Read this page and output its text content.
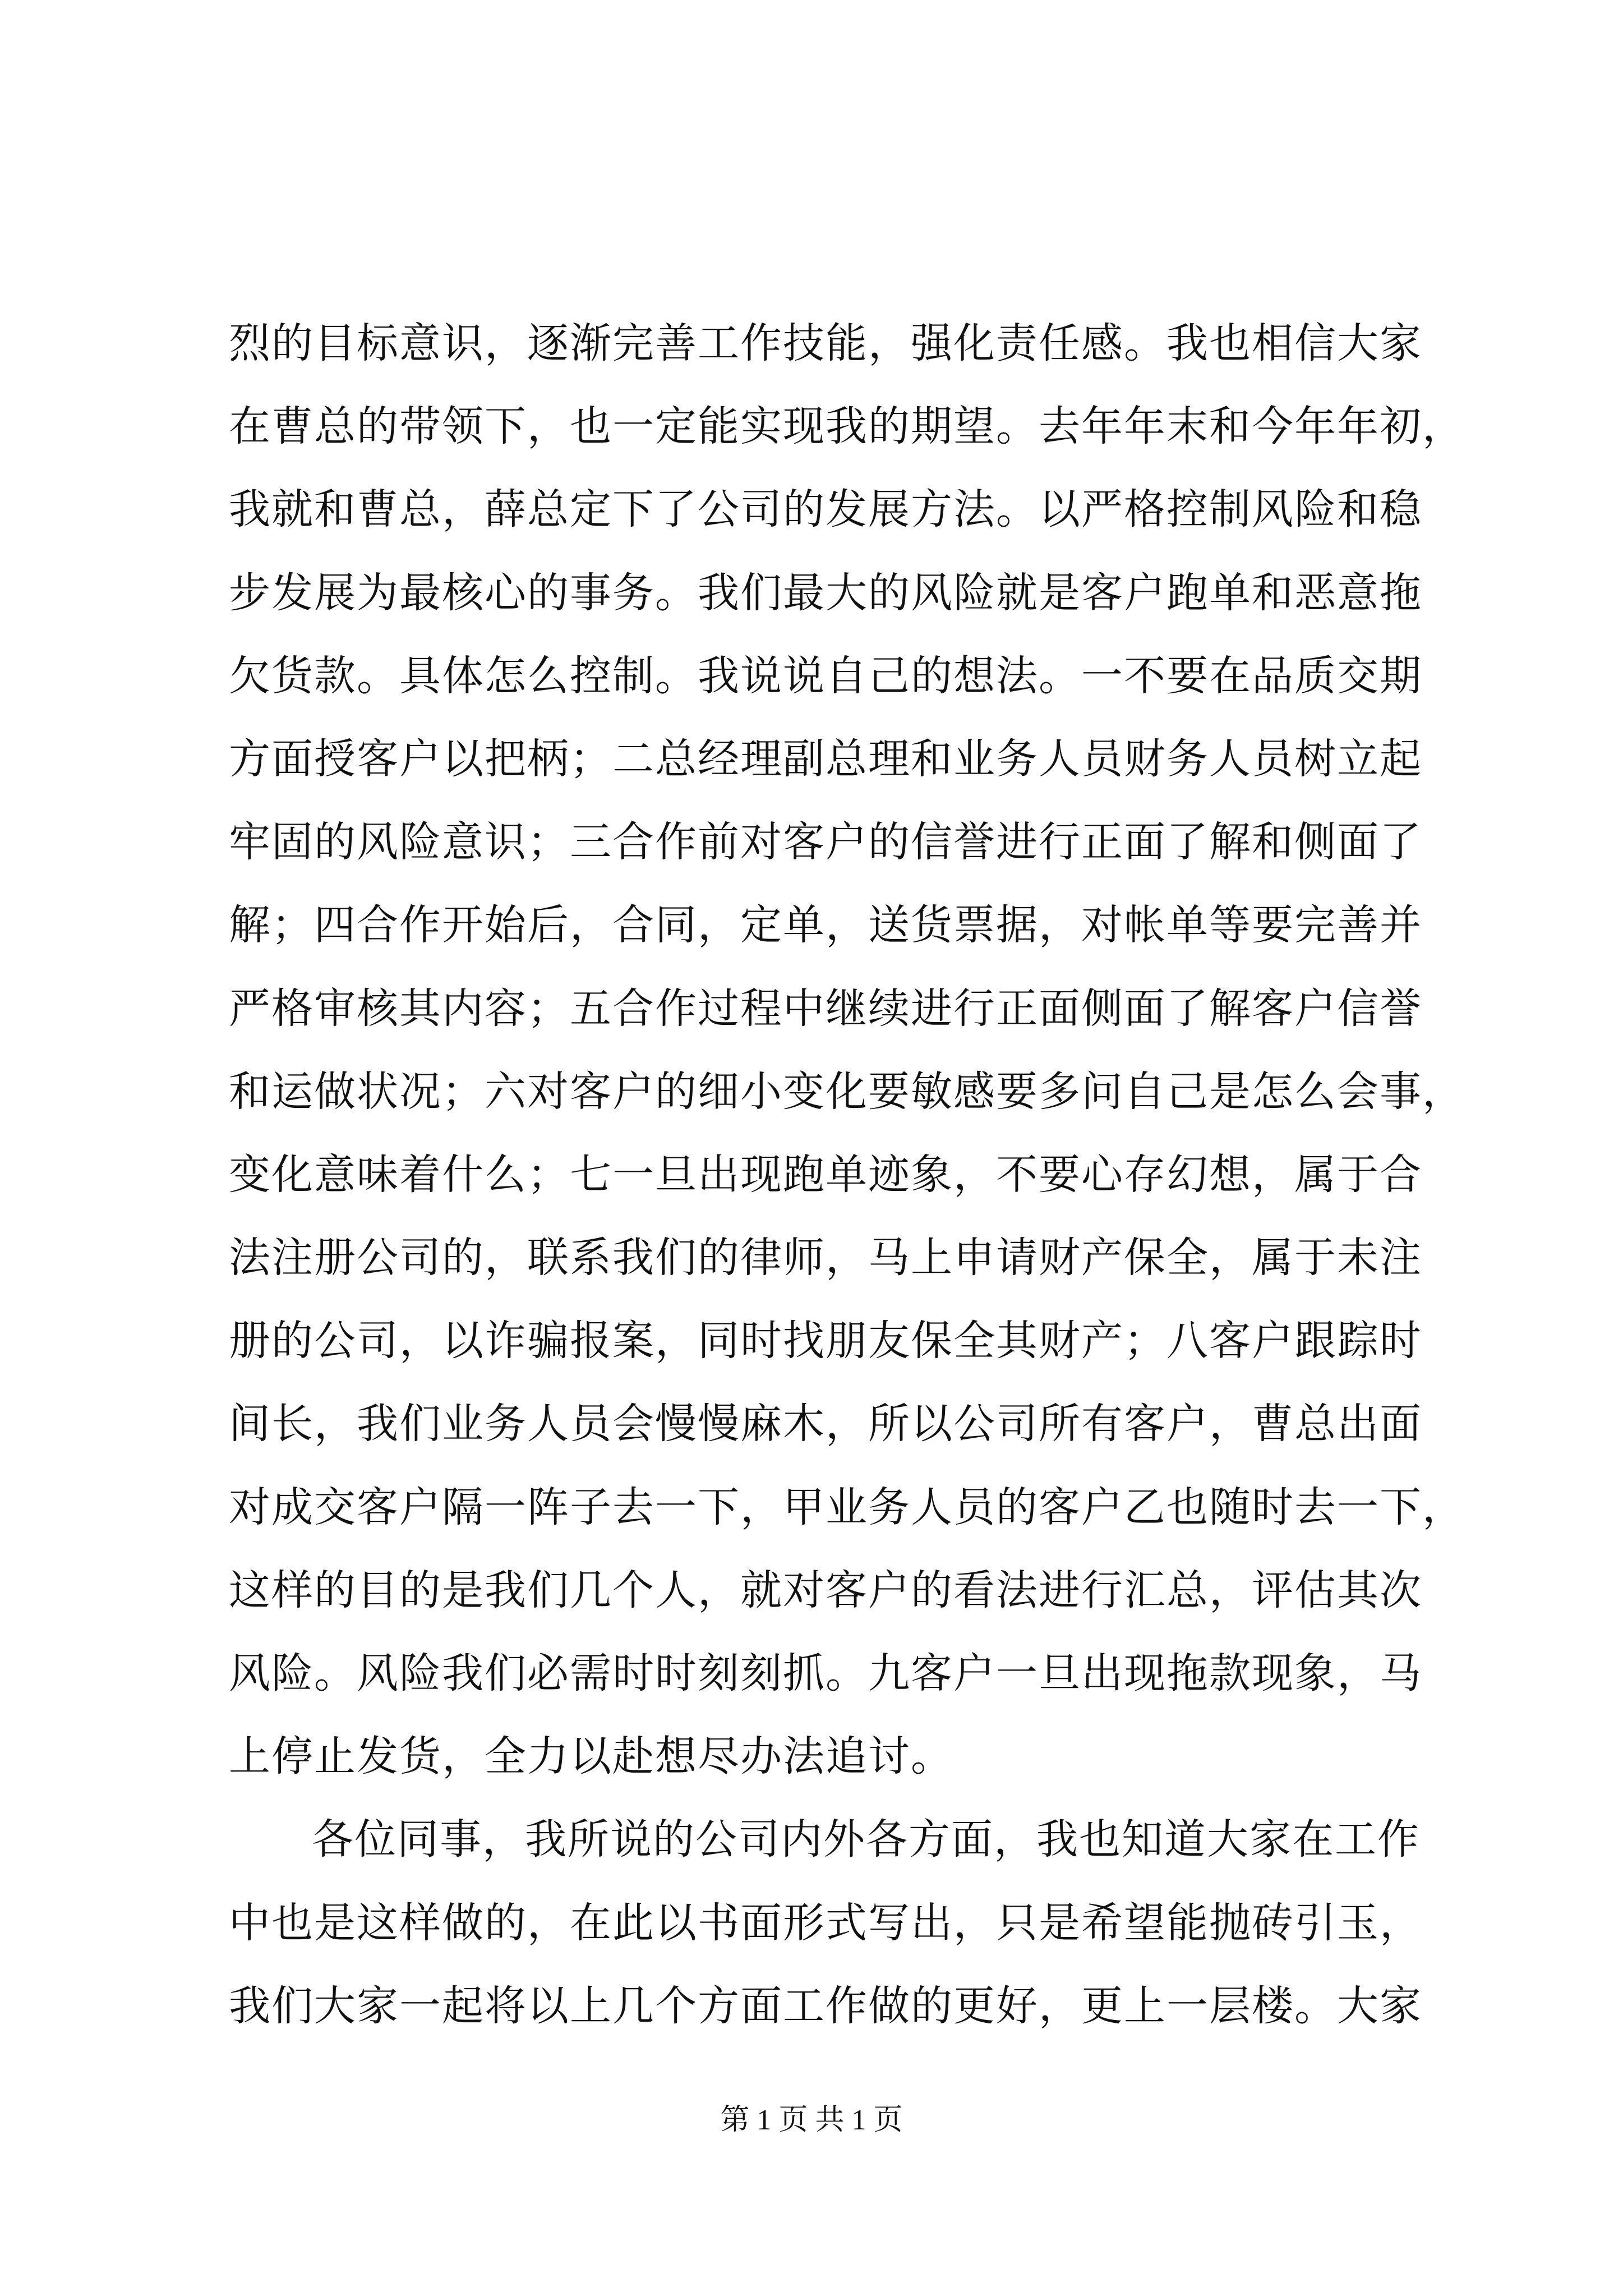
烈的目标意识，逐渐完善工作技能，强化责任感。我也相信大家
在曹总的带领下，也一定能实现我的期望。去年年末和今年年初，
我就和曹总，薛总定下了公司的发展方法。以严格控制风险和稳
步发展为最核心的事务。我们最大的风险就是客户跑单和恶意拖
欠货款。具体怎么控制。我说说自己的想法。一不要在品质交期
方面授客户以把柄；二总经理副总理和业务人员财务人员树立起
牢固的风险意识；三合作前对客户的信誉进行正面了解和侧面了
解；四合作开始后，合同，定单，送货票据，对帐单等要完善并
严格审核其内容；五合作过程中继续进行正面侧面了解客户信誉
和运做状况；六对客户的细小变化要敏感要多问自己是怎么会事，
变化意味着什么；七一旦出现跑单迹象，不要心存幻想，属于合
法注册公司的，联系我们的律师，马上申请财产保全，属于未注
册的公司，以诈骗报案，同时找朋友保全其财产；八客户跟踪时
间长，我们业务人员会慢慢麻木，所以公司所有客户，曹总出面
对成交客户隔一阵子去一下，甲业务人员的客户乙也随时去一下，
这样的目的是我们几个人，就对客户的看法进行汇总，评估其次
风险。风险我们必需时时刻刻抓。九客户一旦出现拖款现象，马
上停止发货，全力以赴想尽办法追讨。
各位同事，我所说的公司内外各方面，我也知道大家在工作
中也是这样做的，在此以书面形式写出，只是希望能抛砖引玉，
我们大家一起将以上几个方面工作做的更好，更上一层楼。大家
第 1 页 共 1 页
